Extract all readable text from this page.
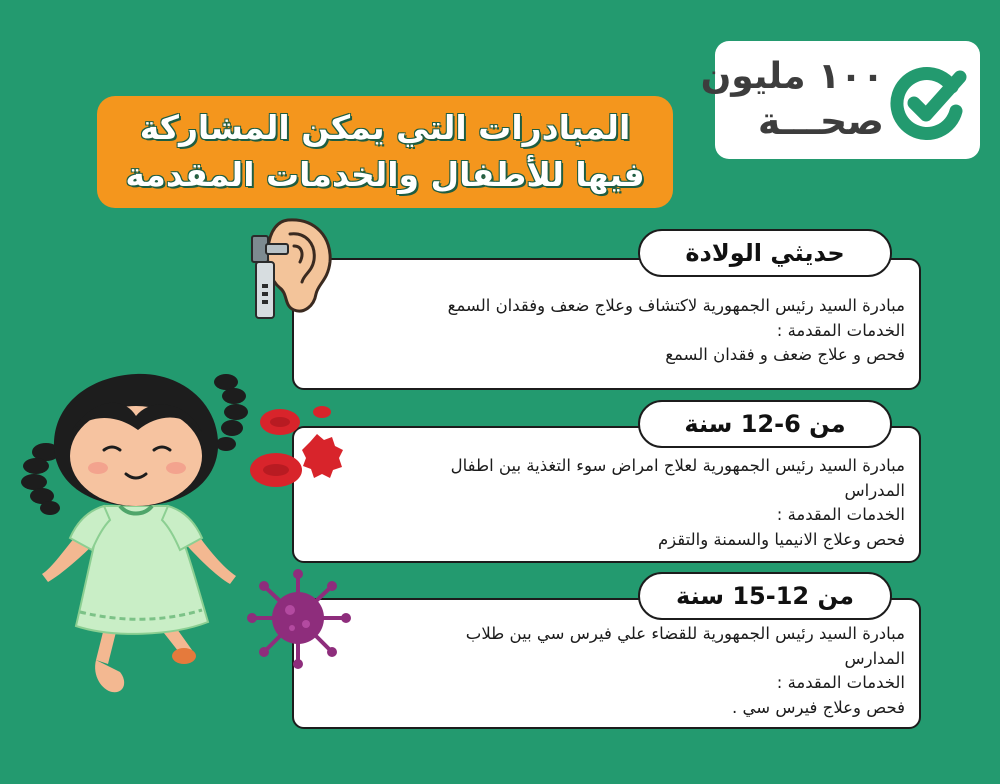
١٠٠ مليون
صحـــة
المبادرات التي يمكن المشاركة
فيها للأطفال والخدمات المقدمة
مبادرة السيد رئيس الجمهورية لاكتشاف وعلاج ضعف وفقدان السمع
الخدمات المقدمة :
فحص و علاج ضعف و فقدان السمع
حديثي الولادة
مبادرة السيد رئيس الجمهورية لعلاج امراض سوء التغذية بين اطفال
المدراس
الخدمات المقدمة :
فحص وعلاج الانيميا والسمنة والتقزم
من 6-12 سنة
مبادرة السيد رئيس الجمهورية للقضاء علي فيرس سي بين طلاب
المدارس
الخدمات المقدمة :
فحص وعلاج فيرس سي .
من 12-15 سنة
